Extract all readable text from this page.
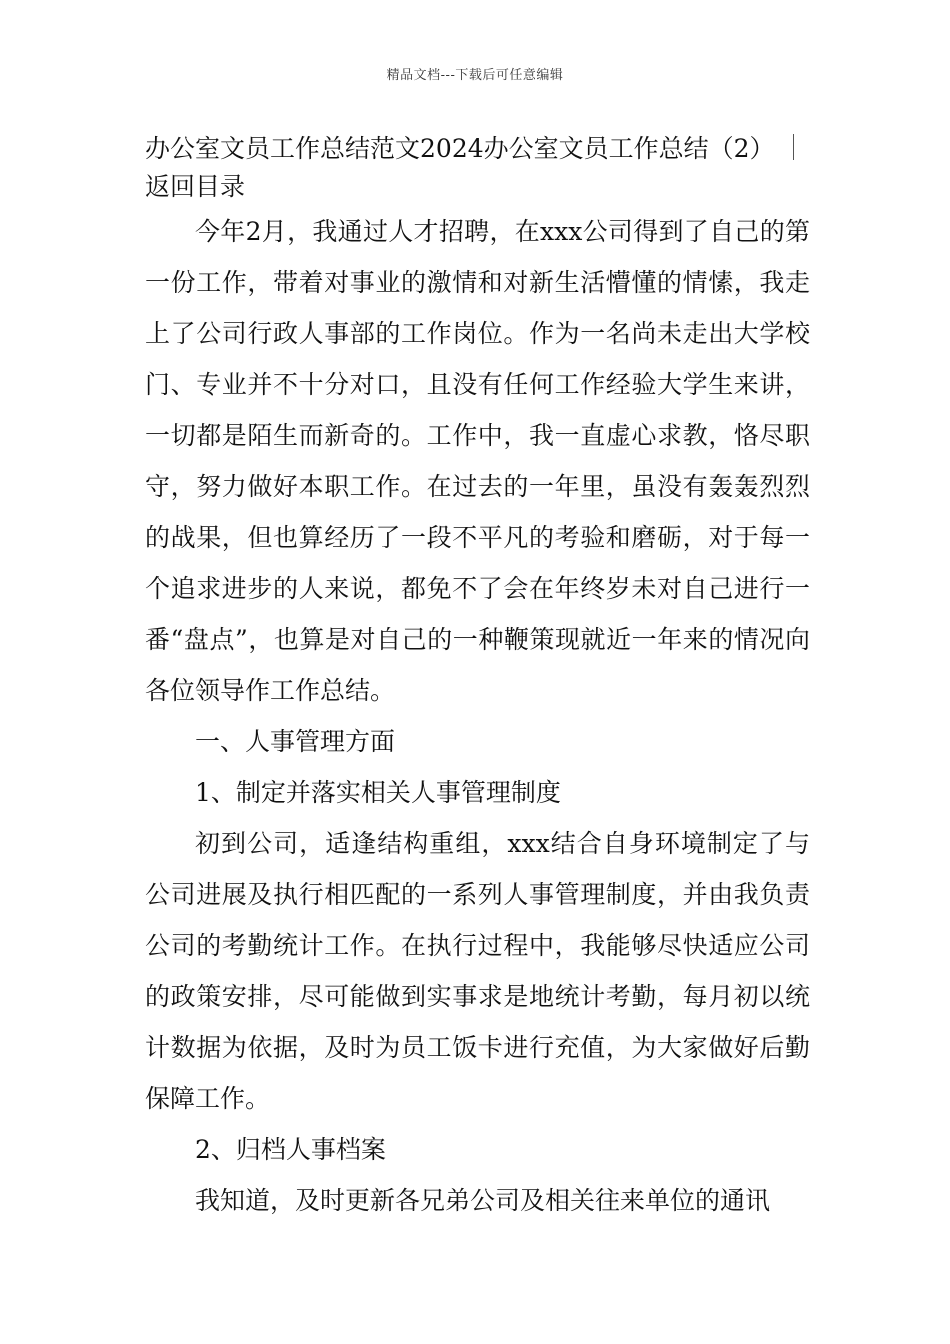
精品文档---下载后可任意编辑
办公室文员工作总结范文2024办公室文员工作总结（2）
返回目录

今年2月，我通过人才招聘，在xxx公司得到了自己的第一份工作，带着对事业的激情和对新生活懵懂的情愫，我走上了公司行政人事部的工作岗位。作为一名尚未走出大学校门、专业并不十分对口，且没有任何工作经验大学生来讲，一切都是陌生而新奇的。工作中，我一直虚心求教，恪尽职守，努力做好本职工作。在过去的一年里，虽没有轰轰烈烈的战果，但也算经历了一段不平凡的考验和磨砺，对于每一个追求进步的人来说，都免不了会在年终岁未对自己进行一番“盘点”，也算是对自己的一种鞭策现就近一年来的情况向各位领导作工作总结。

一、人事管理方面

1、制定并落实相关人事管理制度

初到公司，适逢结构重组，xxx结合自身环境制定了与公司进展及执行相匹配的一系列人事管理制度，并由我负责公司的考勤统计工作。在执行过程中，我能够尽快适应公司的政策安排，尽可能做到实事求是地统计考勤，每月初以统计数据为依据，及时为员工饭卡进行充值，为大家做好后勤保障工作。

2、归档人事档案

我知道，及时更新各兄弟公司及相关往来单位的通讯
